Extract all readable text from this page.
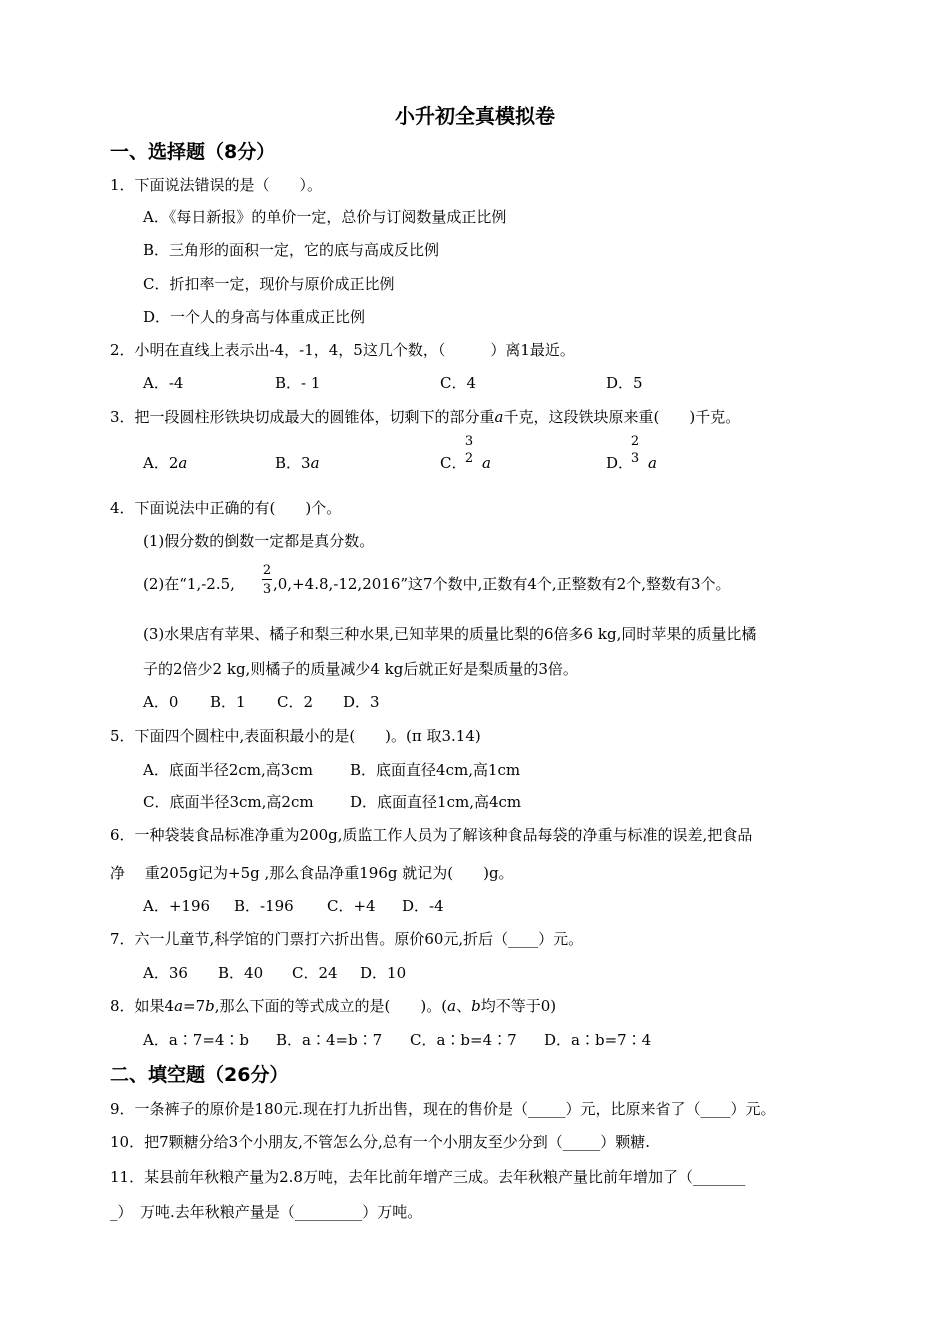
小升初全真模拟卷
一、选择题（8分）
1．下面说法错误的是（　　）。
A．《每日新报》的单价一定，总价与订阅数量成正比例
B．三角形的面积一定，它的底与高成反比例
C．折扣率一定，现价与原价成正比例
D．一个人的身高与体重成正比例
2．小明在直线上表示出-4，-1，4，5这几个数，（　　　）离1最近。
A．-4	B．- 1	C．4	D．5
3．把一段圆柱形铁块切成最大的圆锥体，切剩下的部分重a千克，这段铁块原来重(　　)千克。
A．2a	B．3a	C．
3
2 a	D．
2
3 a
4．下面说法中正确的有(　　)个。
(1)假分数的倒数一定都是真分数。
(2)在“1,-2.5,
2
3 ,0,+4.8,-12,2016”这7个数中,正数有4个,正整数有2个,整数有3个。
(3)水果店有苹果、橘子和梨三种水果,已知苹果的质量比梨的6倍多6 kg,同时苹果的质量比橘
子的2倍少2 kg,则橘子的质量减少4 kg后就正好是梨质量的3倍。
A．0 B．1 C．2 D．3
5．下面四个圆柱中,表面积最小的是(　　)。(π 取3.14)
A．底面半径2cm,高3cm B．底面直径4cm,高1cm
C．底面半径3cm,高2cm D．底面直径1cm,高4cm
6．一种袋装食品标准净重为200g,质监工作人员为了解该种食品每袋的净重与标准的误差,把食品
净　 重205g记为+5g ,那么食品净重196g 就记为(　　)g。
A．+196 B．-196 C．+4 D．-4
7．六一儿童节,科学馆的门票打六折出售。原价60元,折后（____）元。
A．36 B．40 C．24 D．10
8．如果4a=7b,那么下面的等式成立的是(　　)。(a、b均不等于0)
A．a∶7=4∶b B．a∶4=b∶7 C．a∶b=4∶7 D．a∶b=7∶4
二、填空题（26分）
9．一条裤子的原价是180元.现在打九折出售，现在的售价是（_____）元，比原来省了（____）元。
10．把7颗糖分给3个小朋友,不管怎么分,总有一个小朋友至少分到（_____）颗糖.
11．某县前年秋粮产量为2.8万吨，去年比前年增产三成。去年秋粮产量比前年增加了（_______
_）　万吨.去年秋粮产量是（_________）万吨。
